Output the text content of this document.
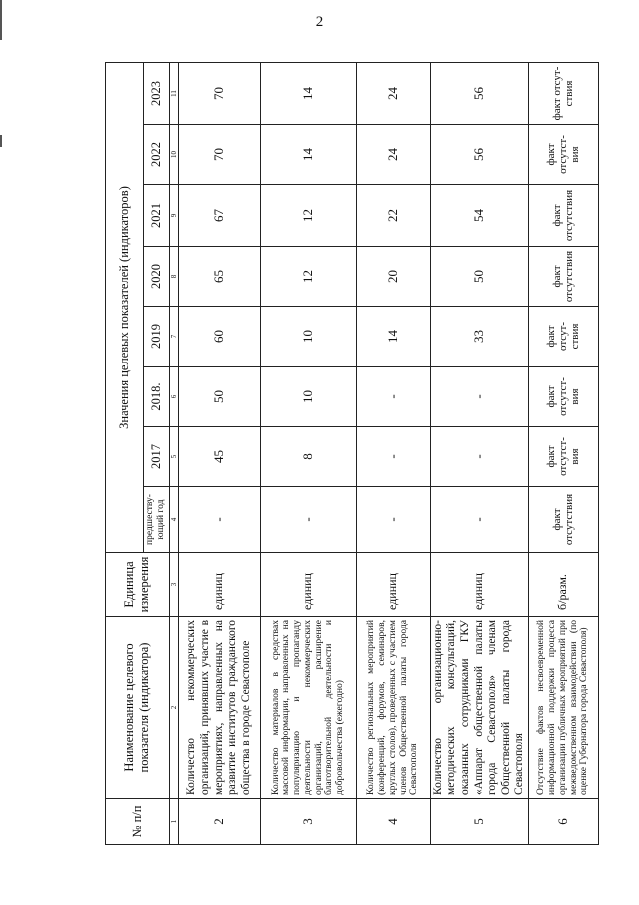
2
№ п/п	Наименование целевого показателя (индикатора)	Единица измерения	Значения целевых показателей (индикаторов)							
			предшеству-ющий год	2017	2018.	2019	2020	2021	2022	2023
1	2	3	4	5	6	7	8	9	10	11
2	Количество некоммерческих организаций, принявших участие в мероприятиях, направленных на развитие институтов гражданского общества в городе Севастополе	единиц	-	45	50	60	65	67	70	70
3	Количество материалов в средствах массовой информации, направленных на популяризацию и пропаганду деятельности некоммерческих организаций, расширение благотворительной деятельности и добровольчества (ежегодно)	единиц	-	8	10	10	12	12	14	14
4	Количество региональных мероприятий (конференций, форумов, семинаров, круглых столов), проведенных с участием членов Общественной палаты города Севастополя	единиц	-	-	-	14	20	22	24	24
5	Количество организационно-методических консультаций, оказанных сотрудниками ГКУ «Аппарат общественной палаты города Севастополя» членам Общественной палаты города Севастополя	единиц	-	-	-	33	50	54	56	56
6	Отсутствие фактов несвоевременной информационной поддержки процесса организации публичных мероприятий при межведомственном взаимодействии (по оценке Губернатора города Севастополя)	б/разм.	факт отсутствия	факт отсутст-вия	факт отсутст-вия	факт отсут-ствия	факт отсутствия	факт отсутствия	факт отсутст-вия	факт отсут-ствия
